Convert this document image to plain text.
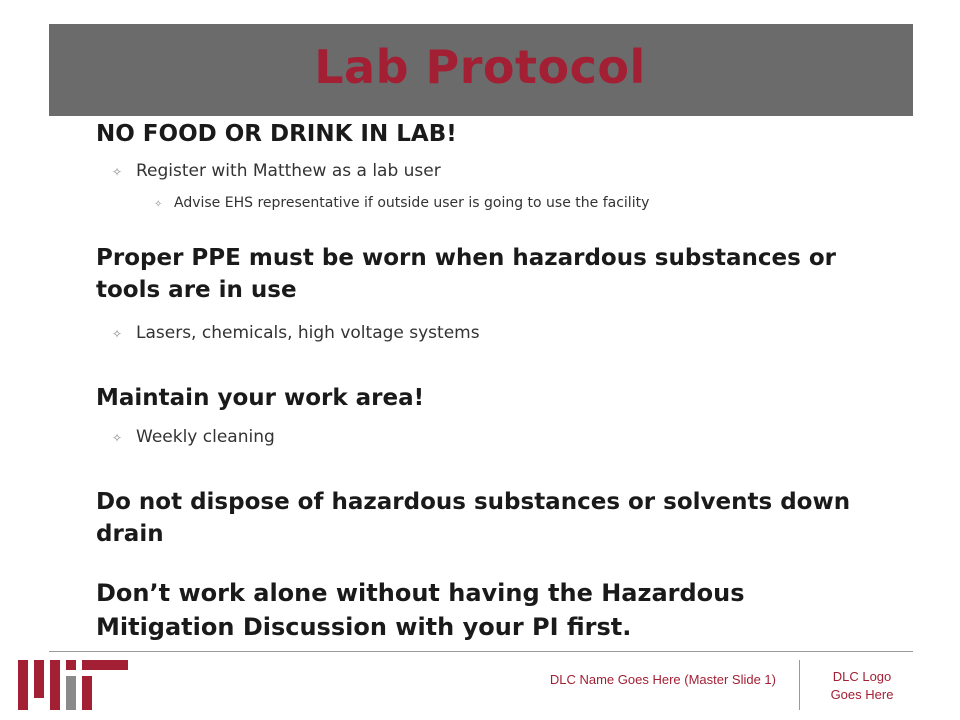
Lab Protocol
NO FOOD OR DRINK IN LAB!
✧ Register with Matthew as a lab user
✧ Advise EHS representative if outside user is going to use the facility
Proper PPE must be worn when hazardous substances or tools are in use
✧ Lasers, chemicals, high voltage systems
Maintain your work area!
✧ Weekly cleaning
Do not dispose of hazardous substances or solvents down drain
Don’t work alone without having the Hazardous Mitigation Discussion with your PI first.
DLC Name Goes Here (Master Slide 1)	DLC Logo
Goes Here
